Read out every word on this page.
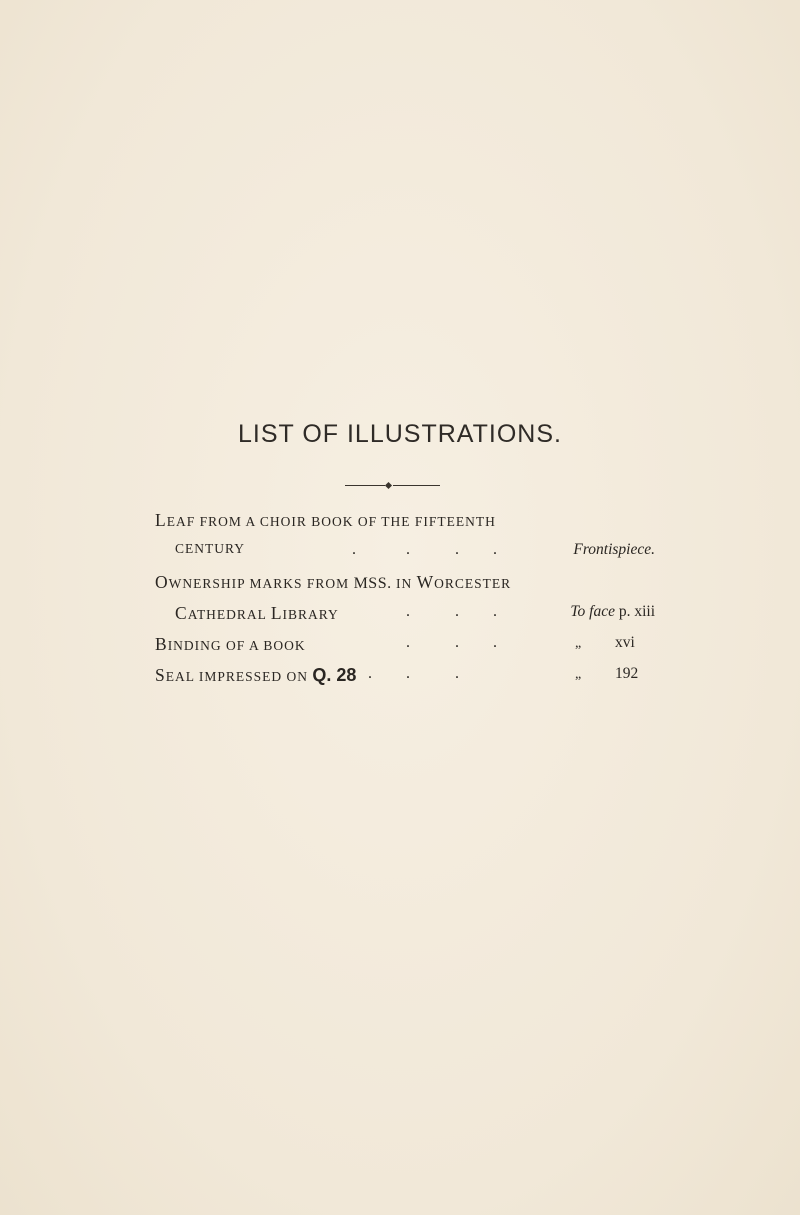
LIST OF ILLUSTRATIONS.
LEAF FROM A CHOIR BOOK OF THE FIFTEENTH
CENTURY	.	.	. .	Frontispiece.
OWNERSHIP MARKS FROM MSS. IN WORCESTER
CATHEDRAL LIBRARY	.	. .	To face p. xiii
BINDING OF A BOOK	.	. .	„ xvi
SEAL IMPRESSED ON Q. 28 . .	.	„ 192
